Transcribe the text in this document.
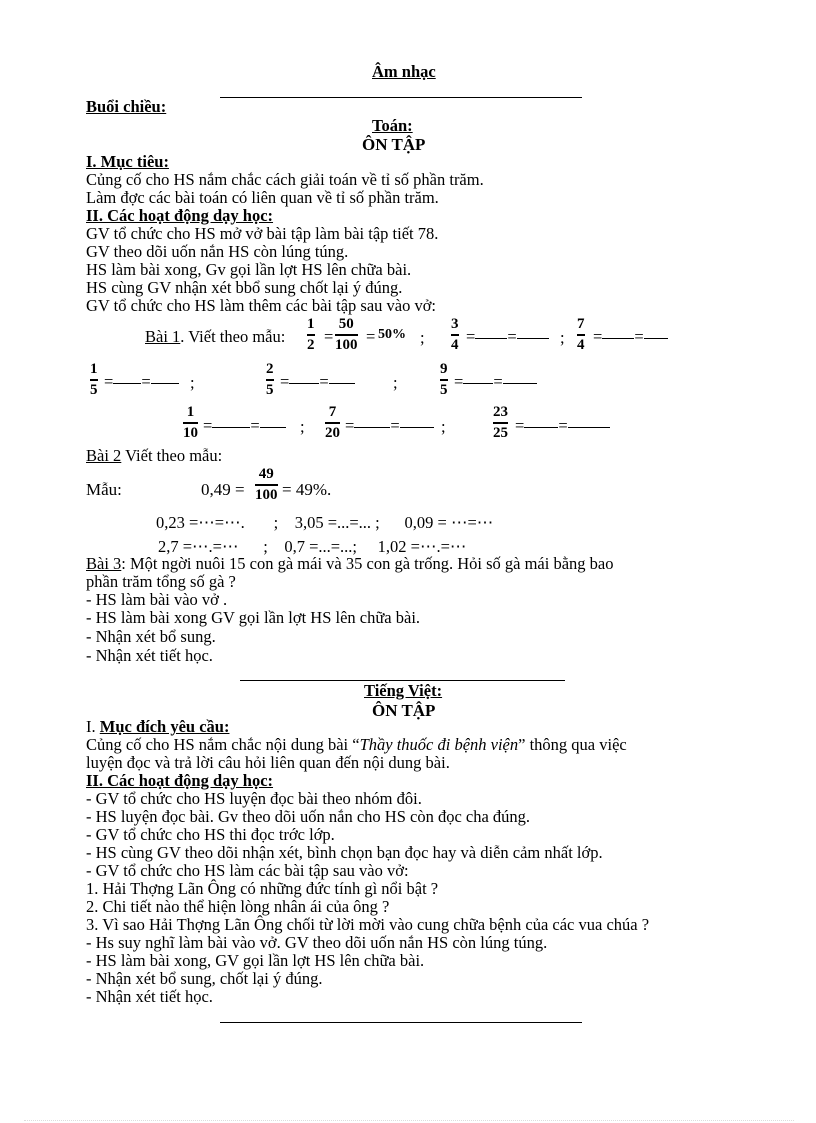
Âm nhạc
Buổi chiều:
Toán:
ÔN TẬP
I. Mục tiêu:
Củng cố cho HS nắm chắc cách giải toán về tỉ số phần trăm.
Làm đợc các bài toán có liên quan về tỉ số phần trăm.
II. Các hoạt động dạy học:
GV tổ chức cho HS mở vở bài tập làm bài tập tiết 78.
GV theo dõi uốn nắn HS còn lúng túng.
HS làm bài xong, Gv gọi lần lợt HS lên chữa bài.
HS cùng GV nhận xét bbổ sung chốt lại ý đúng.
GV tổ chức cho HS làm thêm các bài tập sau vào vở:
Bài 1. Viết theo mẫu:
1
2 =
50
100 = 50% ;
3
4 = =	;
7
4 = =
1
5 = =	;
2
5 = =	;
9
5 = =
1
10 = =	;
7
20 = =	;
23
25 = =
Bài 2 Viết theo mẫu:
Mẫu:	0,49 =
49
100 = 49%.
0,23 =⋯=⋯.       ;    3,05 =...=... ;      0,09 = ⋯=⋯
2,7 =⋯.=⋯      ;    0,7 =...=...;     1,02 =⋯.=⋯
Bài 3: Một ngời nuôi 15 con gà mái và 35 con gà trống. Hỏi số gà mái bằng bao
phần trăm tổng số gà ?
- HS làm bài vào vở .
- HS làm bài xong GV gọi lần lợt HS lên chữa bài.
- Nhận xét bổ sung.
- Nhận xét tiết học.
Tiếng Việt:
ÔN TẬP
I. Mục đích yêu cầu:
Củng cố cho HS nắm chắc nội dung bài “Thầy thuốc đi bệnh viện” thông qua việc
luyện đọc và trả lời câu hỏi liên quan đến nội dung bài.
II. Các hoạt động dạy học:
- GV tổ chức cho HS luyện đọc bài theo nhóm đôi.
- HS luyện đọc bài. Gv theo dõi uốn nắn cho HS còn đọc cha đúng.
- GV tổ chức cho HS thi đọc trớc lớp.
- HS cùng GV theo dõi nhận xét, bình chọn bạn đọc hay và diễn cảm nhất lớp.
- GV tổ chức cho HS làm các bài tập sau vào vở:
1. Hải Thợng Lãn Ông có những đức tính gì nổi bật ?
2. Chi tiết nào thể hiện lòng nhân ái của ông ?
3. Vì sao Hải Thợng Lãn Ông chối từ lời mời vào cung chữa bệnh của các vua chúa ?
- Hs suy nghĩ làm bài vào vở. GV theo dõi uốn nắn HS còn lúng túng.
- HS làm bài xong, GV gọi lần lợt HS lên chữa bài.
- Nhận xét bổ sung, chốt lại ý đúng.
- Nhận xét tiết học.
